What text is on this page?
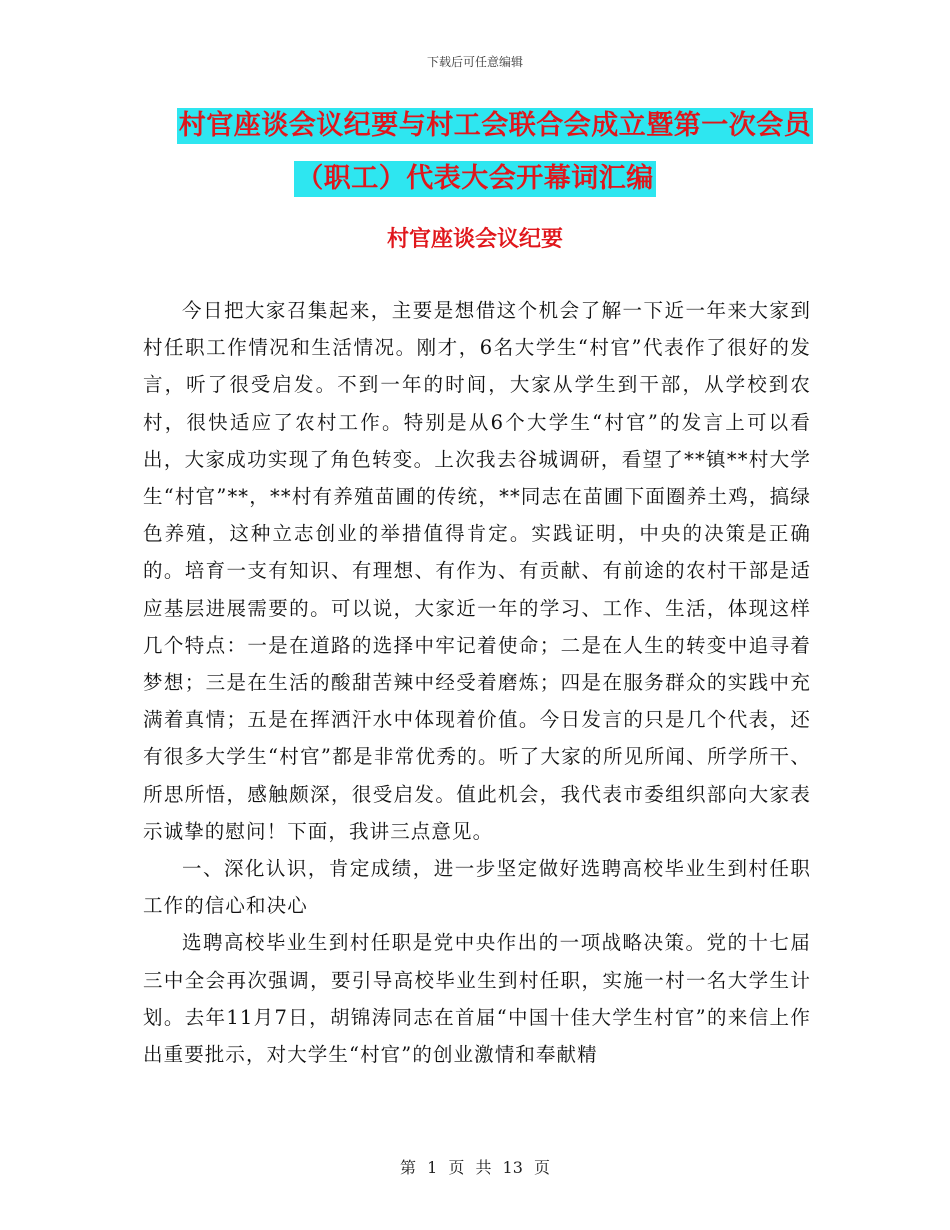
下载后可任意编辑
村官座谈会议纪要与村工会联合会成立暨第一次会员
（职工）代表大会开幕词汇编
村官座谈会议纪要

今日把大家召集起来，主要是想借这个机会了解一下近一年来大家到村任职工作情况和生活情况。刚才，6名大学生“村官”代表作了很好的发言，听了很受启发。不到一年的时间，大家从学生到干部，从学校到农村，很快适应了农村工作。特别是从6个大学生“村官”的发言上可以看出，大家成功实现了角色转变。上次我去谷城调研，看望了**镇**村大学生“村官”**，**村有养殖苗圃的传统，**同志在苗圃下面圈养土鸡，搞绿色养殖，这种立志创业的举措值得肯定。实践证明，中央的决策是正确的。培育一支有知识、有理想、有作为、有贡献、有前途的农村干部是适应基层进展需要的。可以说，大家近一年的学习、工作、生活，体现这样几个特点：一是在道路的选择中牢记着使命；二是在人生的转变中追寻着梦想；三是在生活的酸甜苦辣中经受着磨炼；四是在服务群众的实践中充满着真情；五是在挥洒汗水中体现着价值。今日发言的只是几个代表，还有很多大学生“村官”都是非常优秀的。听了大家的所见所闻、所学所干、所思所悟，感触颇深，很受启发。值此机会，我代表市委组织部向大家表示诚挚的慰问！下面，我讲三点意见。

一、深化认识，肯定成绩，进一步坚定做好选聘高校毕业生到村任职工作的信心和决心

选聘高校毕业生到村任职是党中央作出的一项战略决策。党的十七届三中全会再次强调，要引导高校毕业生到村任职，实施一村一名大学生计划。去年11月7日，胡锦涛同志在首届“中国十佳大学生村官”的来信上作出重要批示，对大学生“村官”的创业激情和奉献精

第 1 页 共 13 页
